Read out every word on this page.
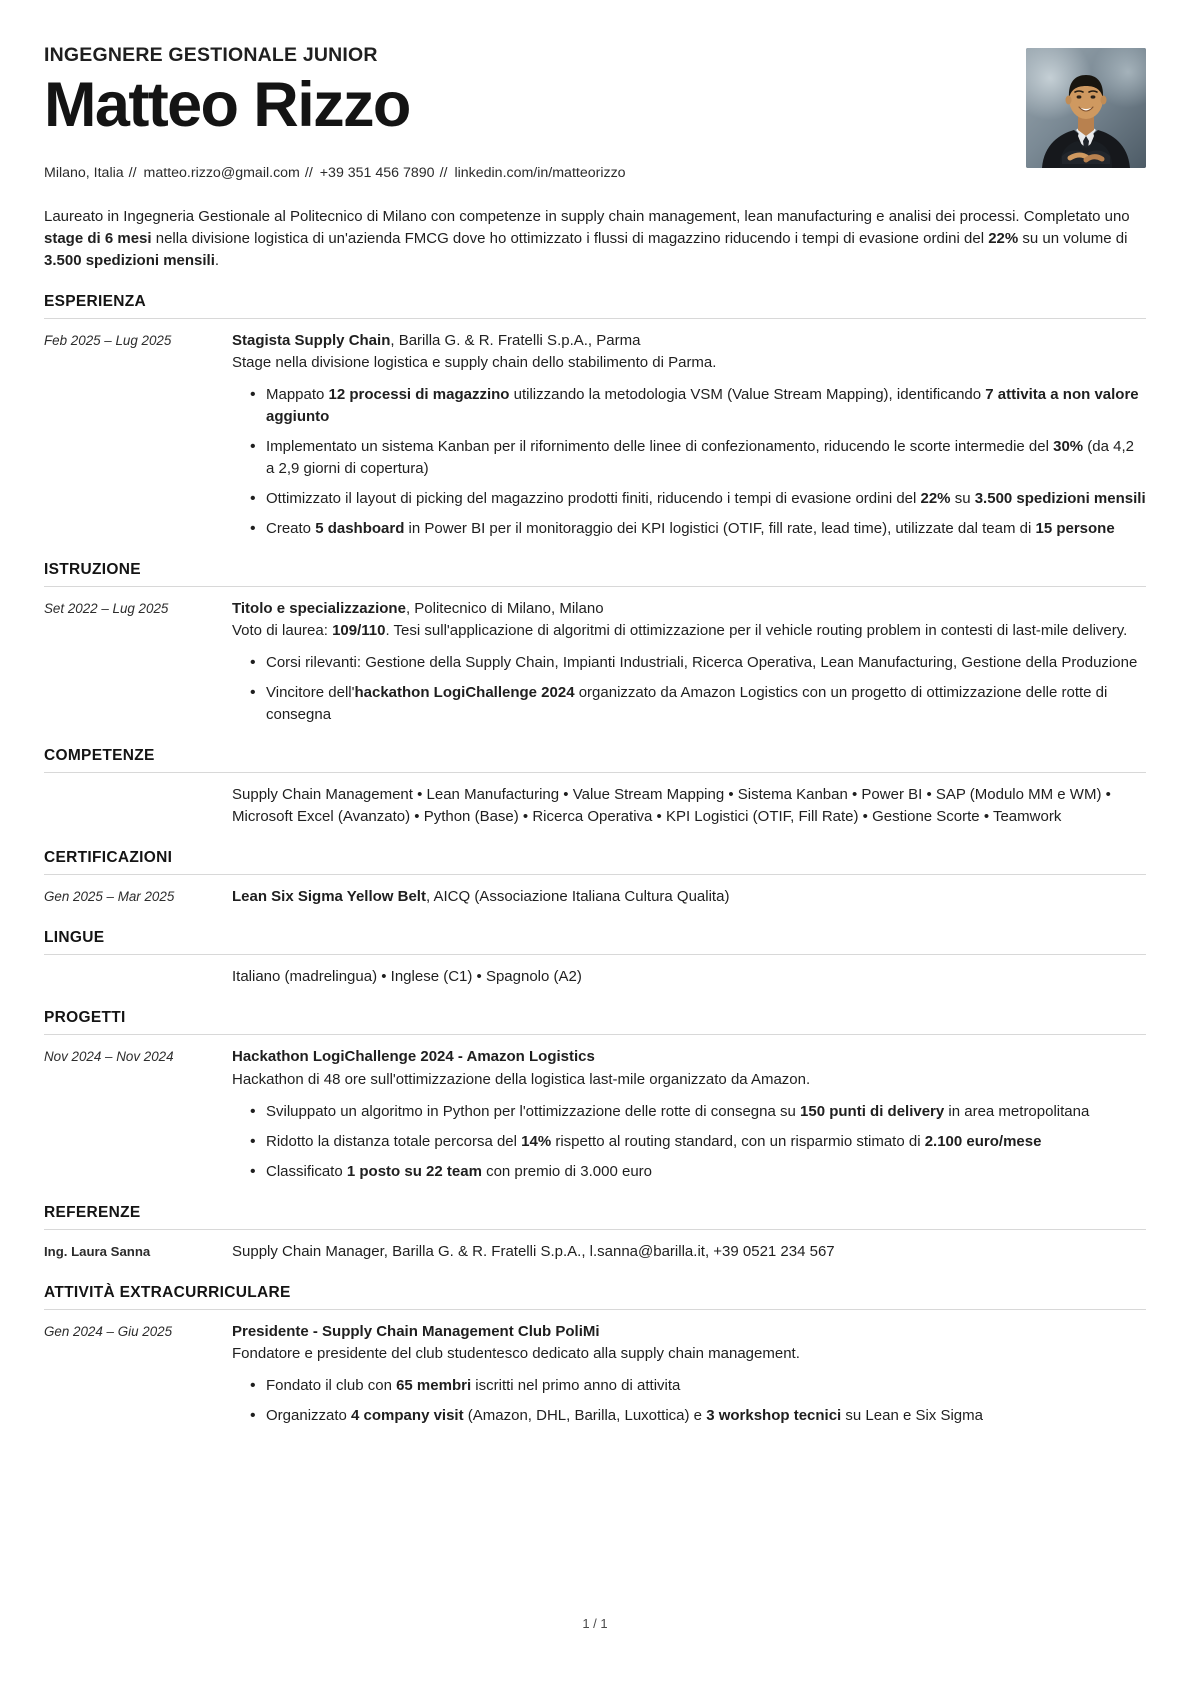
INGEGNERE GESTIONALE JUNIOR
Matteo Rizzo
Milano, Italia // matteo.rizzo@gmail.com // +39 351 456 7890 // linkedin.com/in/matteorizzo

Laureato in Ingegneria Gestionale al Politecnico di Milano con competenze in supply chain management, lean manufacturing e analisi dei processi. Completato uno stage di 6 mesi nella divisione logistica di un'azienda FMCG dove ho ottimizzato i flussi di magazzino riducendo i tempi di evasione ordini del 22% su un volume di 3.500 spedizioni mensili.

ESPERIENZA
Feb 2025 – Lug 2025	Stagista Supply Chain, Barilla G. & R. Fratelli S.p.A., Parma

Stage nella divisione logistica e supply chain dello stabilimento di Parma.

• Mappato 12 processi di magazzino utilizzando la metodologia VSM (Value Stream Mapping), identificando 7 attivita a non valore aggiunto
• Implementato un sistema Kanban per il rifornimento delle linee di confezionamento, riducendo le scorte intermedie del 30% (da 4,2 a 2,9 giorni di copertura)
• Ottimizzato il layout di picking del magazzino prodotti finiti, riducendo i tempi di evasione ordini del 22% su 3.500 spedizioni mensili
• Creato 5 dashboard in Power BI per il monitoraggio dei KPI logistici (OTIF, fill rate, lead time), utilizzate dal team di 15 persone
ISTRUZIONE
Set 2022 – Lug 2025	Titolo e specializzazione, Politecnico di Milano, Milano

Voto di laurea: 109/110. Tesi sull'applicazione di algoritmi di ottimizzazione per il vehicle routing problem in contesti di last-mile delivery.

• Corsi rilevanti: Gestione della Supply Chain, Impianti Industriali, Ricerca Operativa, Lean Manufacturing, Gestione della Produzione
• Vincitore dell'hackathon LogiChallenge 2024 organizzato da Amazon Logistics con un progetto di ottimizzazione delle rotte di consegna
COMPETENZE
Supply Chain Management • Lean Manufacturing • Value Stream Mapping • Sistema Kanban • Power BI • SAP (Modulo MM e WM) • Microsoft Excel (Avanzato) • Python (Base) • Ricerca Operativa • KPI Logistici (OTIF, Fill Rate) • Gestione Scorte • Teamwork
CERTIFICAZIONI
Gen 2025 – Mar 2025	Lean Six Sigma Yellow Belt, AICQ (Associazione Italiana Cultura Qualita)

LINGUE
Italiano (madrelingua) • Inglese (C1) • Spagnolo (A2)
PROGETTI
Nov 2024 – Nov 2024	Hackathon LogiChallenge 2024 - Amazon Logistics

Hackathon di 48 ore sull'ottimizzazione della logistica last-mile organizzato da Amazon.

• Sviluppato un algoritmo in Python per l'ottimizzazione delle rotte di consegna su 150 punti di delivery in area metropolitana
• Ridotto la distanza totale percorsa del 14% rispetto al routing standard, con un risparmio stimato di 2.100 euro/mese
• Classificato 1 posto su 22 team con premio di 3.000 euro
REFERENZE
Ing. Laura Sanna	Supply Chain Manager, Barilla G. & R. Fratelli S.p.A., l.sanna@barilla.it, +39 0521 234 567
ATTIVITÀ EXTRACURRICULARE
Gen 2024 – Giu 2025	Presidente - Supply Chain Management Club PoliMi

Fondatore e presidente del club studentesco dedicato alla supply chain management.

• Fondato il club con 65 membri iscritti nel primo anno di attivita
• Organizzato 4 company visit (Amazon, DHL, Barilla, Luxottica) e 3 workshop tecnici su Lean e Six Sigma
1 / 1
